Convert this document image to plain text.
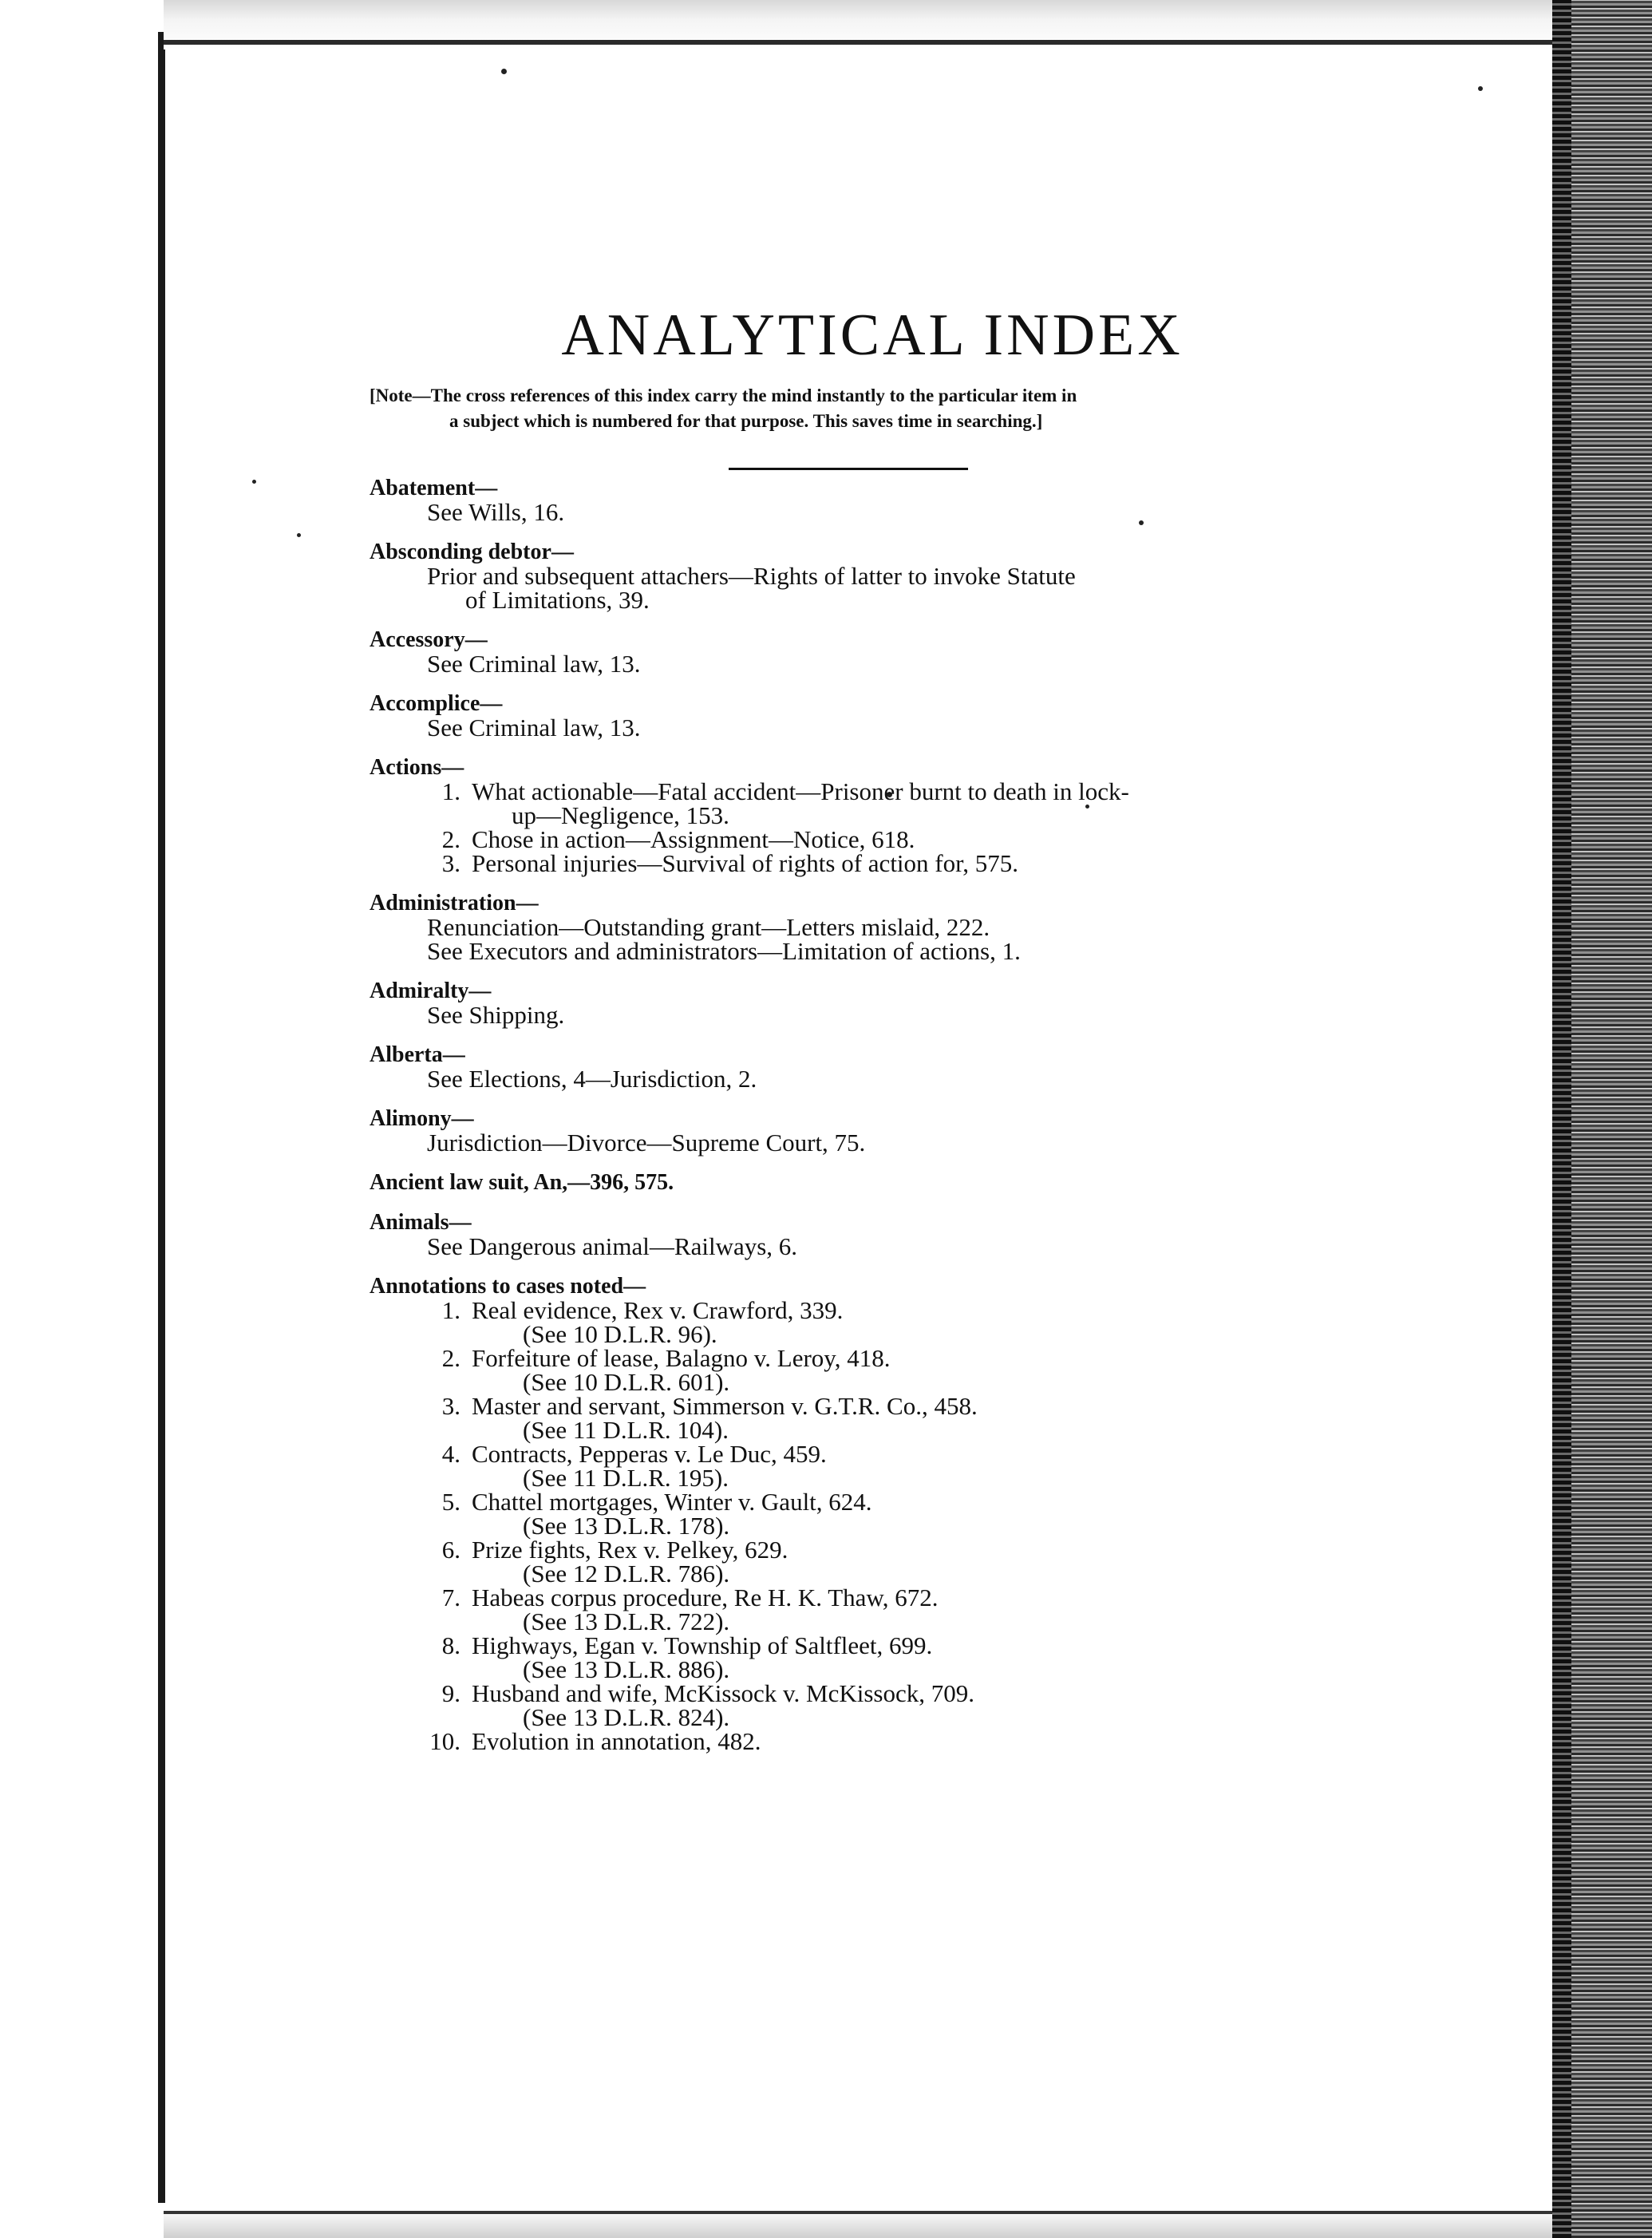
ANALYTICAL INDEX
[Note—The cross references of this index carry the mind instantly to the particular item in
a subject which is numbered for that purpose. This saves time in searching.]
Abatement—
See Wills, 16.
Absconding debtor—
Prior and subsequent attachers—Rights of latter to invoke Statute
of Limitations, 39.
Accessory—
See Criminal law, 13.
Accomplice—
See Criminal law, 13.
Actions—
1. What actionable—Fatal accident—Prisoner burnt to death in lock-
up—Negligence, 153.
2. Chose in action—Assignment—Notice, 618.
3. Personal injuries—Survival of rights of action for, 575.
Administration—
Renunciation—Outstanding grant—Letters mislaid, 222.
See Executors and administrators—Limitation of actions, 1.
Admiralty—
See Shipping.
Alberta—
See Elections, 4—Jurisdiction, 2.
Alimony—
Jurisdiction—Divorce—Supreme Court, 75.
Ancient law suit, An,—396, 575.
Animals—
See Dangerous animal—Railways, 6.
Annotations to cases noted—
1. Real evidence, Rex v. Crawford, 339.
(See 10 D.L.R. 96).
2. Forfeiture of lease, Balagno v. Leroy, 418.
(See 10 D.L.R. 601).
3. Master and servant, Simmerson v. G.T.R. Co., 458.
(See 11 D.L.R. 104).
4. Contracts, Pepperas v. Le Duc, 459.
(See 11 D.L.R. 195).
5. Chattel mortgages, Winter v. Gault, 624.
(See 13 D.L.R. 178).
6. Prize fights, Rex v. Pelkey, 629.
(See 12 D.L.R. 786).
7. Habeas corpus procedure, Re H. K. Thaw, 672.
(See 13 D.L.R. 722).
8. Highways, Egan v. Township of Saltfleet, 699.
(See 13 D.L.R. 886).
9. Husband and wife, McKissock v. McKissock, 709.
(See 13 D.L.R. 824).
10. Evolution in annotation, 482.
